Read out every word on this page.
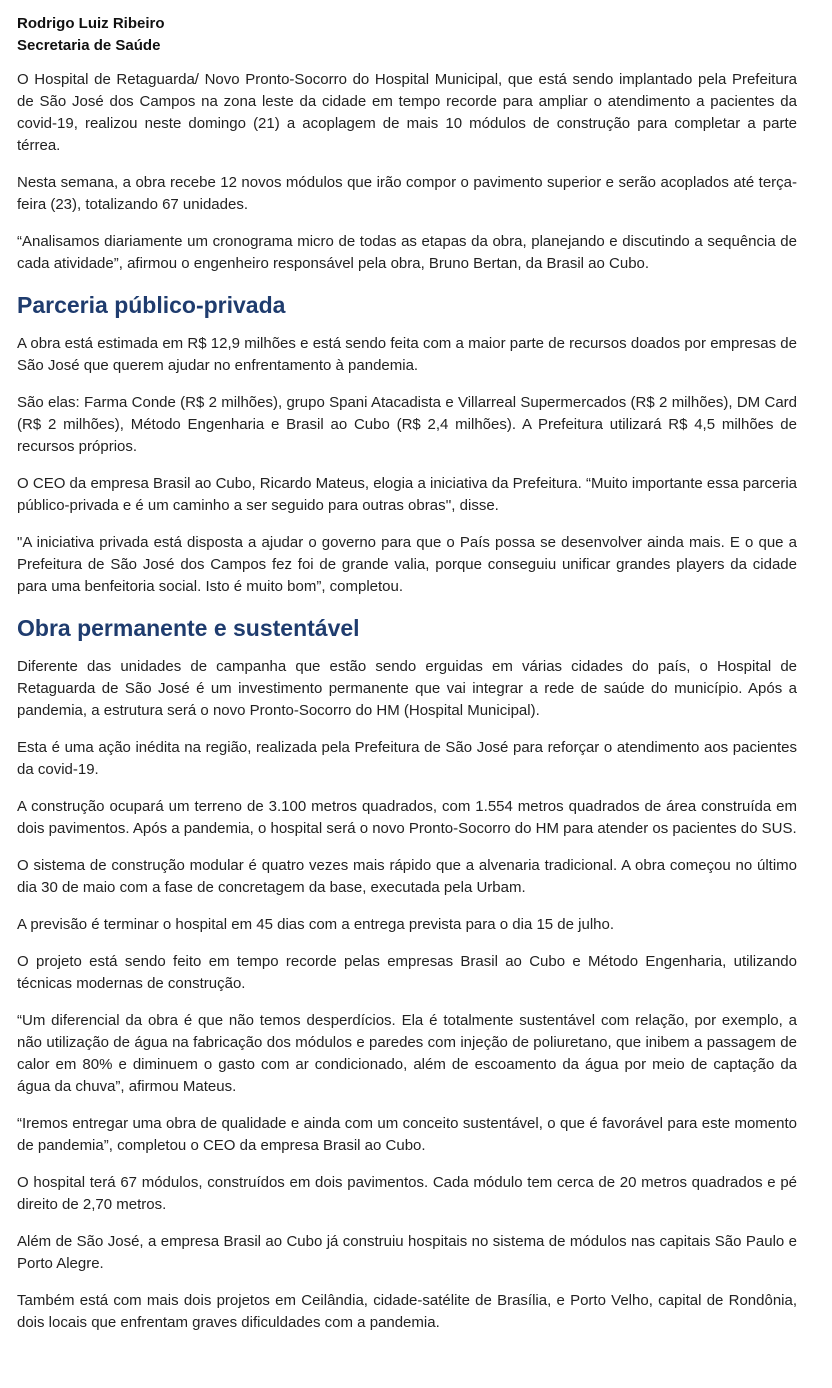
Rodrigo Luiz Ribeiro
Secretaria de Saúde

O Hospital de Retaguarda/ Novo Pronto-Socorro do Hospital Municipal, que está sendo implantado pela Prefeitura de São José dos Campos na zona leste da cidade em tempo recorde para ampliar o atendimento a pacientes da covid-19, realizou neste domingo (21) a acoplagem de mais 10 módulos de construção para completar a parte térrea.

Nesta semana, a obra recebe 12 novos módulos que irão compor o pavimento superior e serão acoplados até terça-feira (23), totalizando 67 unidades.

“Analisamos diariamente um cronograma micro de todas as etapas da obra, planejando e discutindo a sequência de cada atividade”, afirmou o engenheiro responsável pela obra, Bruno Bertan, da Brasil ao Cubo.

Parceria público-privada

A obra está estimada em R$ 12,9 milhões e está sendo feita com a maior parte de recursos doados por empresas de São José que querem ajudar no enfrentamento à pandemia.

São elas: Farma Conde (R$ 2 milhões), grupo Spani Atacadista e Villarreal Supermercados (R$ 2 milhões), DM Card (R$ 2 milhões), Método Engenharia e Brasil ao Cubo (R$ 2,4 milhões). A Prefeitura utilizará R$ 4,5 milhões de recursos próprios.

O CEO da empresa Brasil ao Cubo, Ricardo Mateus, elogia a iniciativa da Prefeitura. “Muito importante essa parceria público-privada e é um caminho a ser seguido para outras obras'', disse.

"A iniciativa privada está disposta a ajudar o governo para que o País possa se desenvolver ainda mais. E o que a Prefeitura de São José dos Campos fez foi de grande valia, porque conseguiu unificar grandes players da cidade para uma benfeitoria social. Isto é muito bom”, completou.

Obra permanente e sustentável

Diferente das unidades de campanha que estão sendo erguidas em várias cidades do país, o Hospital de Retaguarda de São José é um investimento permanente que vai integrar a rede de saúde do município. Após a pandemia, a estrutura será o novo Pronto-Socorro do HM (Hospital Municipal).

Esta é uma ação inédita na região, realizada pela Prefeitura de São José para reforçar o atendimento aos pacientes da covid-19.

A construção ocupará um terreno de 3.100 metros quadrados, com 1.554 metros quadrados de área construída em dois pavimentos. Após a pandemia, o hospital será o novo Pronto-Socorro do HM para atender os pacientes do SUS.

O sistema de construção modular é quatro vezes mais rápido que a alvenaria tradicional. A obra começou no último dia 30 de maio com a fase de concretagem da base, executada pela Urbam.

A previsão é terminar o hospital em 45 dias com a entrega prevista para o dia 15 de julho.

O projeto está sendo feito em tempo recorde pelas empresas Brasil ao Cubo e Método Engenharia, utilizando técnicas modernas de construção.

“Um diferencial da obra é que não temos desperdícios. Ela é totalmente sustentável com relação, por exemplo, a não utilização de água na fabricação dos módulos e paredes com injeção de poliuretano, que inibem a passagem de calor em 80% e diminuem o gasto com ar condicionado, além de escoamento da água por meio de captação da água da chuva”, afirmou Mateus.

“Iremos entregar uma obra de qualidade e ainda com um conceito sustentável, o que é favorável para este momento de pandemia”, completou o CEO da empresa Brasil ao Cubo.

O hospital terá 67 módulos, construídos em dois pavimentos. Cada módulo tem cerca de 20 metros quadrados e pé direito de 2,70 metros.

Além de São José, a empresa Brasil ao Cubo já construiu hospitais no sistema de módulos nas capitais São Paulo e Porto Alegre.

Também está com mais dois projetos em Ceilândia, cidade-satélite de Brasília, e Porto Velho, capital de Rondônia, dois locais que enfrentam graves dificuldades com a pandemia.
